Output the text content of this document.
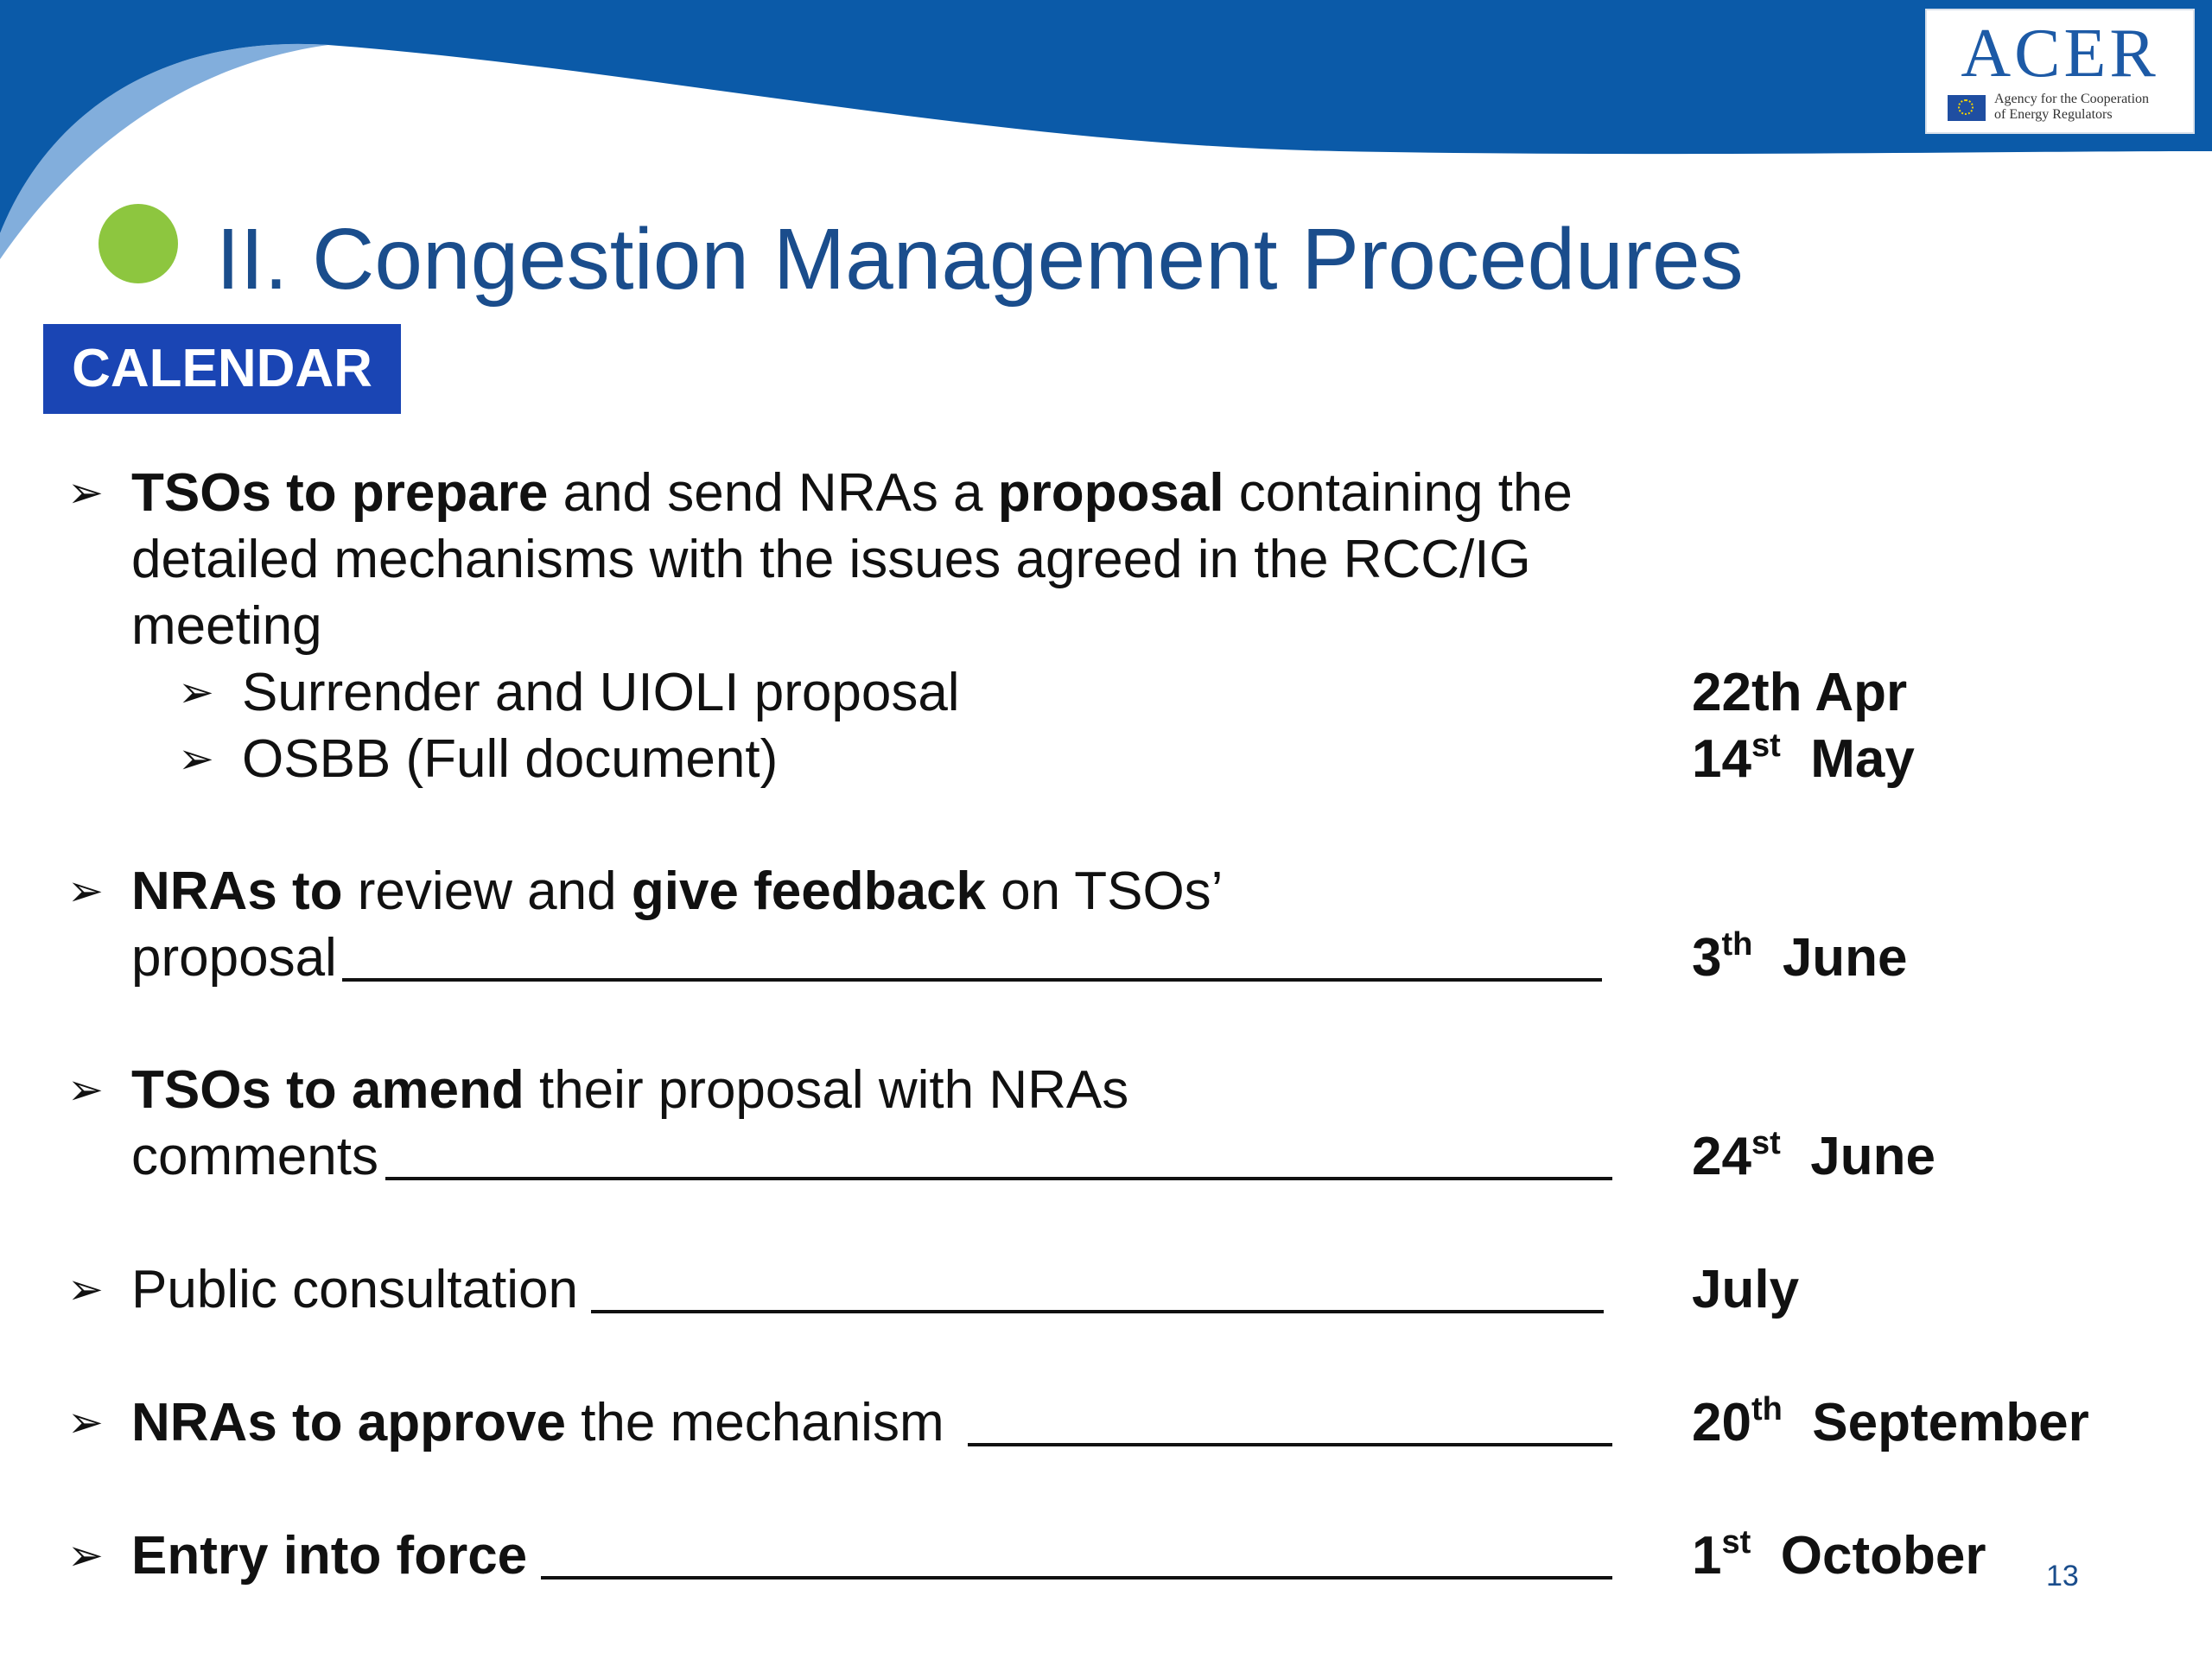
ACER
Agency for the Cooperation
of Energy Regulators
II. Congestion Management Procedures
CALENDAR
➢ TSOs to prepare and send NRAs a proposal containing the
detailed mechanisms with the issues agreed in the RCC/IG
meeting
➢ Surrender and UIOLI proposal	22th Apr
➢ OSBB (Full document)	14st May
➢ NRAs to review and give feedback on TSOs’
proposal	3th June
➢ TSOs to amend their proposal with NRAs
comments	24st June
➢ Public consultation	July
➢ NRAs to approve the mechanism	20th September
➢ Entry into force	1st October 13
